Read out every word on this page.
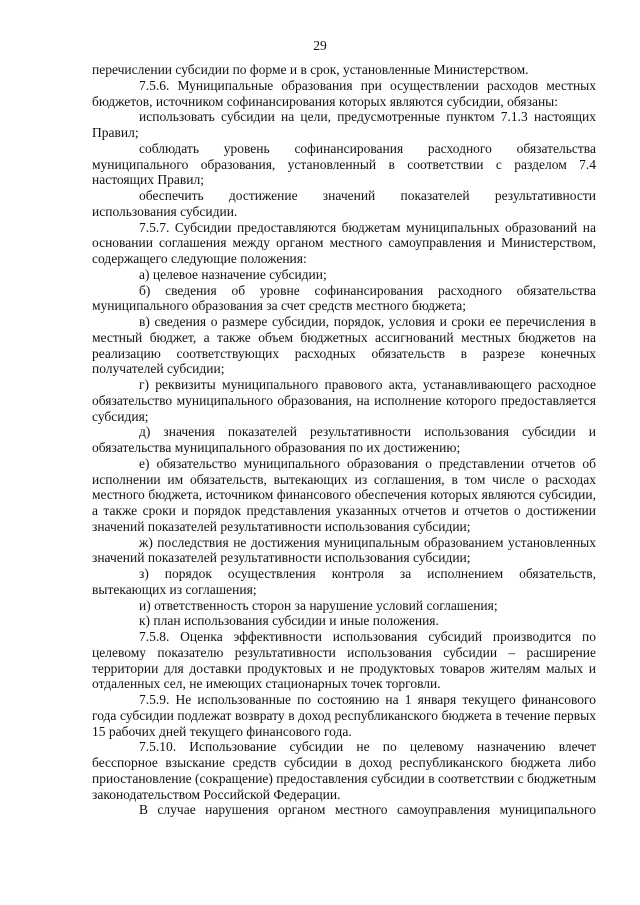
29

перечислении субсидии по форме и в срок, установленные Министерством.

7.5.6. Муниципальные образования при осуществлении расходов местных бюджетов, источником софинансирования которых являются субсидии, обязаны:

использовать субсидии на цели, предусмотренные пунктом 7.1.3 настоящих Правил;

соблюдать уровень софинансирования расходного обязательства муниципального образования, установленный в соответствии с разделом 7.4 настоящих Правил;

обеспечить достижение значений показателей результативности использования субсидии.

7.5.7. Субсидии предоставляются бюджетам муниципальных образований на основании соглашения между органом местного самоуправления и Министерством, содержащего следующие положения:

а) целевое назначение субсидии;

б) сведения об уровне софинансирования расходного обязательства муниципального образования за счет средств местного бюджета;

в) сведения о размере субсидии, порядок, условия и сроки ее перечисления в местный бюджет, а также объем бюджетных ассигнований местных бюджетов на реализацию соответствующих расходных обязательств в разрезе конечных получателей субсидии;

г) реквизиты муниципального правового акта, устанавливающего расходное обязательство муниципального образования, на исполнение которого предоставляется субсидия;

д) значения показателей результативности использования субсидии и обязательства муниципального образования по их достижению;

е) обязательство муниципального образования о представлении отчетов об исполнении им обязательств, вытекающих из соглашения, в том числе о расходах местного бюджета, источником финансового обеспечения которых являются субсидии, а также сроки и порядок представления указанных отчетов и отчетов о достижении значений показателей результативности использования субсидии;

ж) последствия не достижения муниципальным образованием установленных значений показателей результативности использования субсидии;

з) порядок осуществления контроля за исполнением обязательств, вытекающих из соглашения;

и) ответственность сторон за нарушение условий соглашения;

к) план использования субсидии и иные положения.

7.5.8. Оценка эффективности использования субсидий производится по целевому показателю результативности использования субсидии – расширение территории для доставки продуктовых и не продуктовых товаров жителям малых и отдаленных сел, не имеющих стационарных точек торговли.

7.5.9. Не использованные по состоянию на 1 января текущего финансового года субсидии подлежат возврату в доход республиканского бюджета в течение первых 15 рабочих дней текущего финансового года.

7.5.10. Использование субсидии не по целевому назначению влечет бесспорное взыскание средств субсидии в доход республиканского бюджета либо приостановление (сокращение) предоставления субсидии в соответствии с бюджетным законодательством Российской Федерации.

В случае нарушения органом местного самоуправления муниципального
